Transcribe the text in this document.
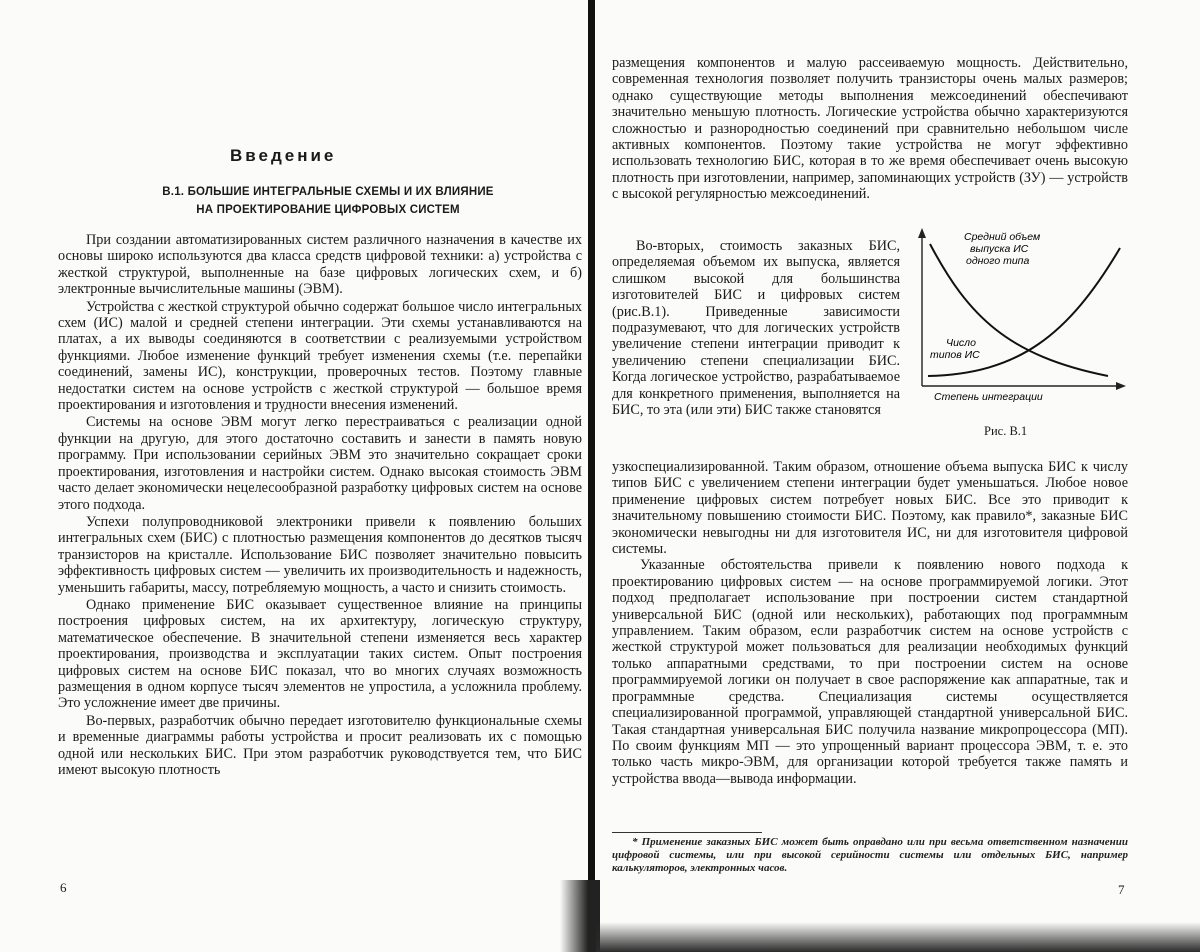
Введение
В.1. БОЛЬШИЕ ИНТЕГРАЛЬНЫЕ СХЕМЫ И ИХ ВЛИЯНИЕ
НА ПРОЕКТИРОВАНИЕ ЦИФРОВЫХ СИСТЕМ

При создании автоматизированных систем различного назначения в качестве их основы широко используются два класса средств цифровой техники: а) устройства с жесткой структурой, выполненные на базе цифровых логических схем, и б) электронные вычислительные машины (ЭВМ).

Устройства с жесткой структурой обычно содержат большое число интегральных схем (ИС) малой и средней степени интеграции. Эти схемы устанавливаются на платах, а их выводы соединяются в соответствии с реализуемыми устройством функциями. Любое изменение функций требует изменения схемы (т.е. перепайки соединений, замены ИС), конструкции, проверочных тестов. Поэтому главные недостатки систем на основе устройств с жесткой структурой — большое время проектирования и изготовления и трудности внесения изменений.

Системы на основе ЭВМ могут легко перестраиваться с реализации одной функции на другую, для этого достаточно составить и занести в память новую программу. При использовании серийных ЭВМ это значительно сокращает сроки проектирования, изготовления и настройки систем. Однако высокая стоимость ЭВМ часто делает экономически нецелесообразной разработку цифровых систем на основе этого подхода.

Успехи полупроводниковой электроники привели к появлению больших интегральных схем (БИС) с плотностью размещения компонентов до десятков тысяч транзисторов на кристалле. Использование БИС позволяет значительно повысить эффективность цифровых систем — увеличить их производительность и надежность, уменьшить габариты, массу, потребляемую мощность, а часто и снизить стоимость.

Однако применение БИС оказывает существенное влияние на принципы построения цифровых систем, на их архитектуру, логическую структуру, математическое обеспечение. В значительной степени изменяется весь характер проектирования, производства и эксплуатации таких систем. Опыт построения цифровых систем на основе БИС показал, что во многих случаях возможность размещения в одном корпусе тысяч элементов не упростила, а усложнила проблему. Это усложнение имеет две причины.

Во-первых, разработчик обычно передает изготовителю функциональные схемы и временные диаграммы работы устройства и просит реализовать их с помощью одной или нескольких БИС. При этом разработчик руководствуется тем, что БИС имеют высокую плотность

6

размещения компонентов и малую рассеиваемую мощность. Действительно, современная технология позволяет получить транзисторы очень малых размеров; однако существующие методы выполнения межсоединений обеспечивают значительно меньшую плотность. Логические устройства обычно характеризуются сложностью и разнородностью соединений при сравнительно небольшом числе активных компонентов. Поэтому такие устройства не могут эффективно использовать технологию БИС, которая в то же время обеспечивает очень высокую плотность при изготовлении, например, запоминающих устройств (ЗУ) — устройств с высокой регулярностью межсоединений.

Во-вторых, стоимость заказных БИС, определяемая объемом их выпуска, является слишком высокой для большинства изготовителей БИС и цифровых систем (рис.В.1). Приведенные зависимости подразумевают, что для логических устройств увеличение степени интеграции приводит к увеличению степени специализации БИС. Когда логическое устройство, разрабатываемое для конкретного применения, выполняется на БИС, то эта (или эти) БИС также становятся

Средний объем
выпуска ИС
одного типа
Число
типов ИС
Степень интеграции
Рис. В.1

узкоспециализированной. Таким образом, отношение объема выпуска БИС к числу типов БИС с увеличением степени интеграции будет уменьшаться. Любое новое применение цифровых систем потребует новых БИС. Все это приводит к значительному повышению стоимости БИС. Поэтому, как правило*, заказные БИС экономически невыгодны ни для изготовителя ИС, ни для изготовителя цифровой системы.

Указанные обстоятельства привели к появлению нового подхода к проектированию цифровых систем — на основе программируемой логики. Этот подход предполагает использование при построении систем стандартной универсальной БИС (одной или нескольких), работающих под программным управлением. Таким образом, если разработчик систем на основе устройств с жесткой структурой может пользоваться для реализации необходимых функций только аппаратными средствами, то при построении систем на основе программируемой логики он получает в свое распоряжение как аппаратные, так и программные средства. Специализация системы осуществляется специализированной программой, управляющей стандартной универсальной БИС. Такая стандартная универсальная БИС получила название микропроцессора (МП). По своим функциям МП — это упрощенный вариант процессора ЭВМ, т. е. это только часть микро-ЭВМ, для организации которой требуется также память и устройства ввода—вывода информации.

* Применение заказных БИС может быть оправдано или при весьма ответственном назначении цифровой системы, или при высокой серийности системы или отдельных БИС, например калькуляторов, электронных часов.
7
